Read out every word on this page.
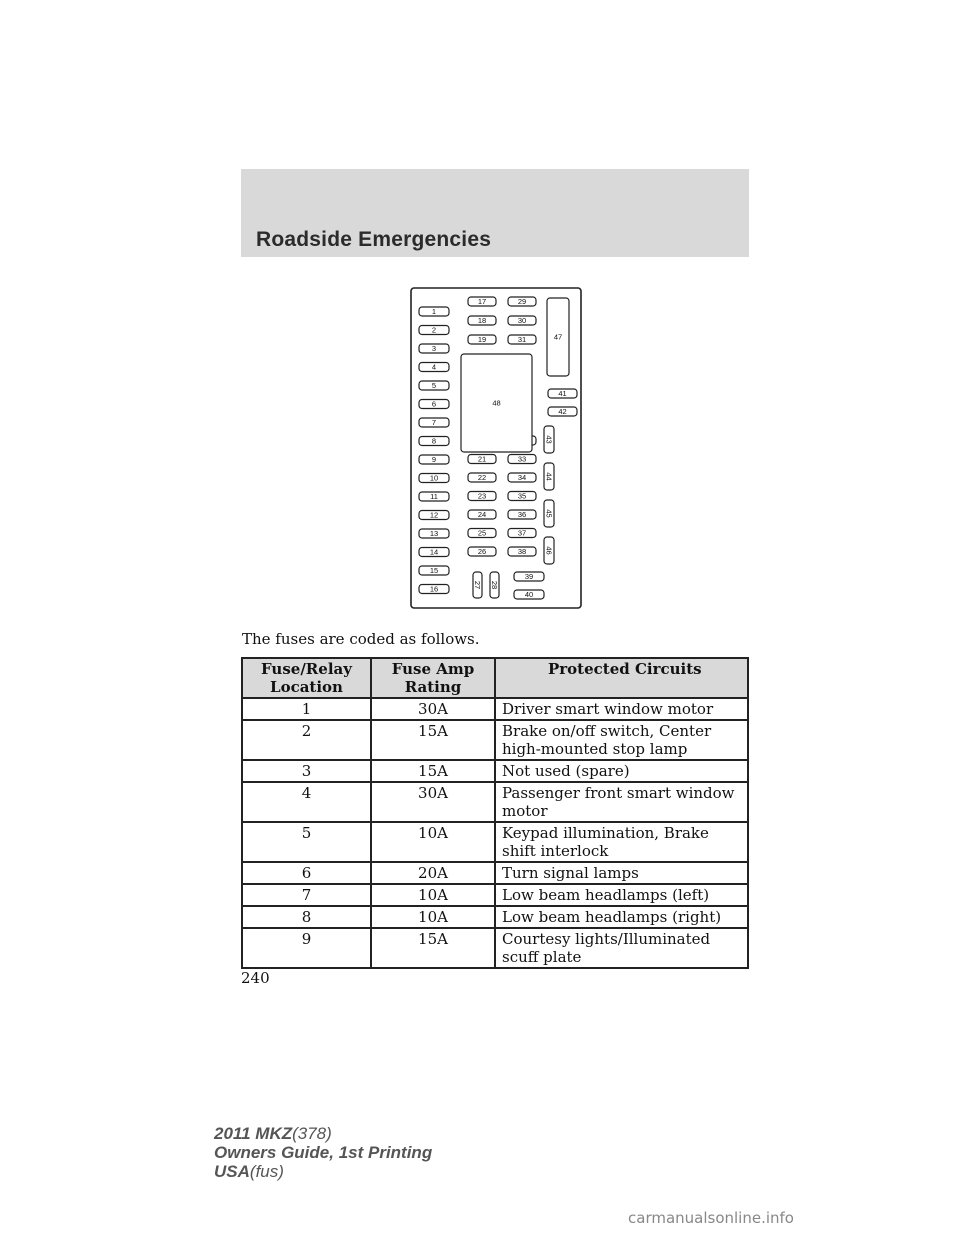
Roadside Emergencies
1
2
3
4
5
6
7
8
9
10
11
12
13
14
15
16
17
18
19
29
30
31
21
22
23
24
25
26
33
34
35
36
37
38
27 28
39
40
41
42
43
44
45
46
47
48
The fuses are coded as follows.
Fuse/Relay Location	Fuse Amp Rating	Protected Circuits
1	30A	Driver smart window motor
2	15A	Brake on/off switch, Center high-mounted stop lamp
3	15A	Not used (spare)
4	30A	Passenger front smart window motor
5	10A	Keypad illumination, Brake shift interlock
6	20A	Turn signal lamps
7	10A	Low beam headlamps (left)
8	10A	Low beam headlamps (right)
9	15A	Courtesy lights/Illuminated scuff plate
240
2011 MKZ(378)
Owners Guide, 1st Printing
USA(fus)
carmanualsonline.info
